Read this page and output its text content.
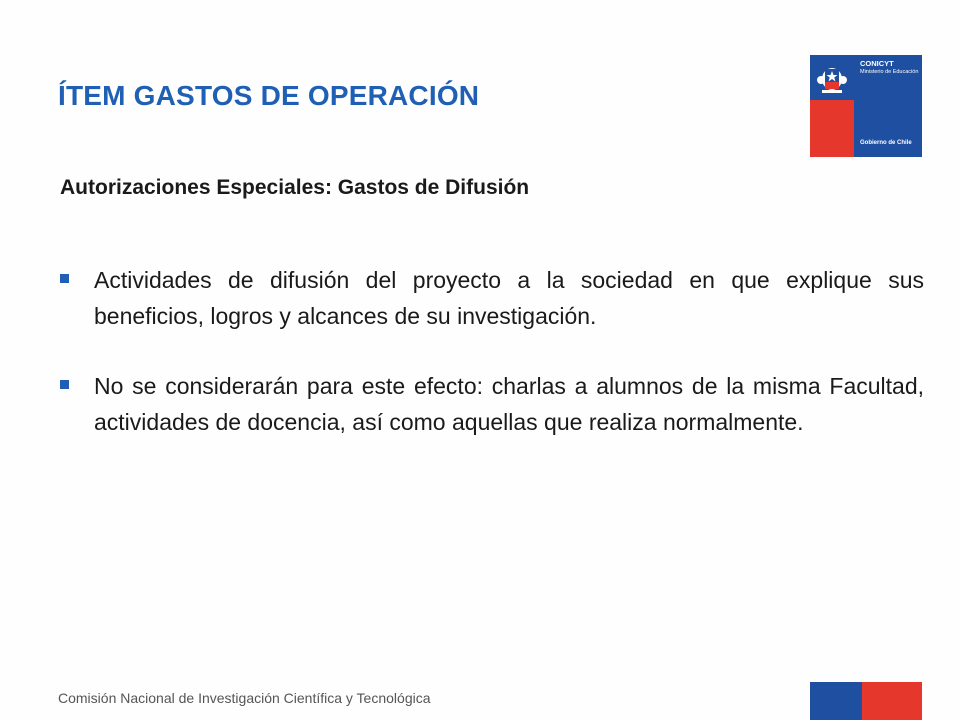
ÍTEM GASTOS DE OPERACIÓN
CONICYT
Ministerio de Educación
Gobierno de Chile
Autorizaciones Especiales: Gastos de Difusión
Actividades de difusión del proyecto a la sociedad en que explique sus beneficios, logros y alcances de su investigación.
No se considerarán para este efecto: charlas a alumnos de la misma Facultad, actividades de docencia, así como aquellas que realiza normalmente.
Comisión Nacional de Investigación Científica y Tecnológica
